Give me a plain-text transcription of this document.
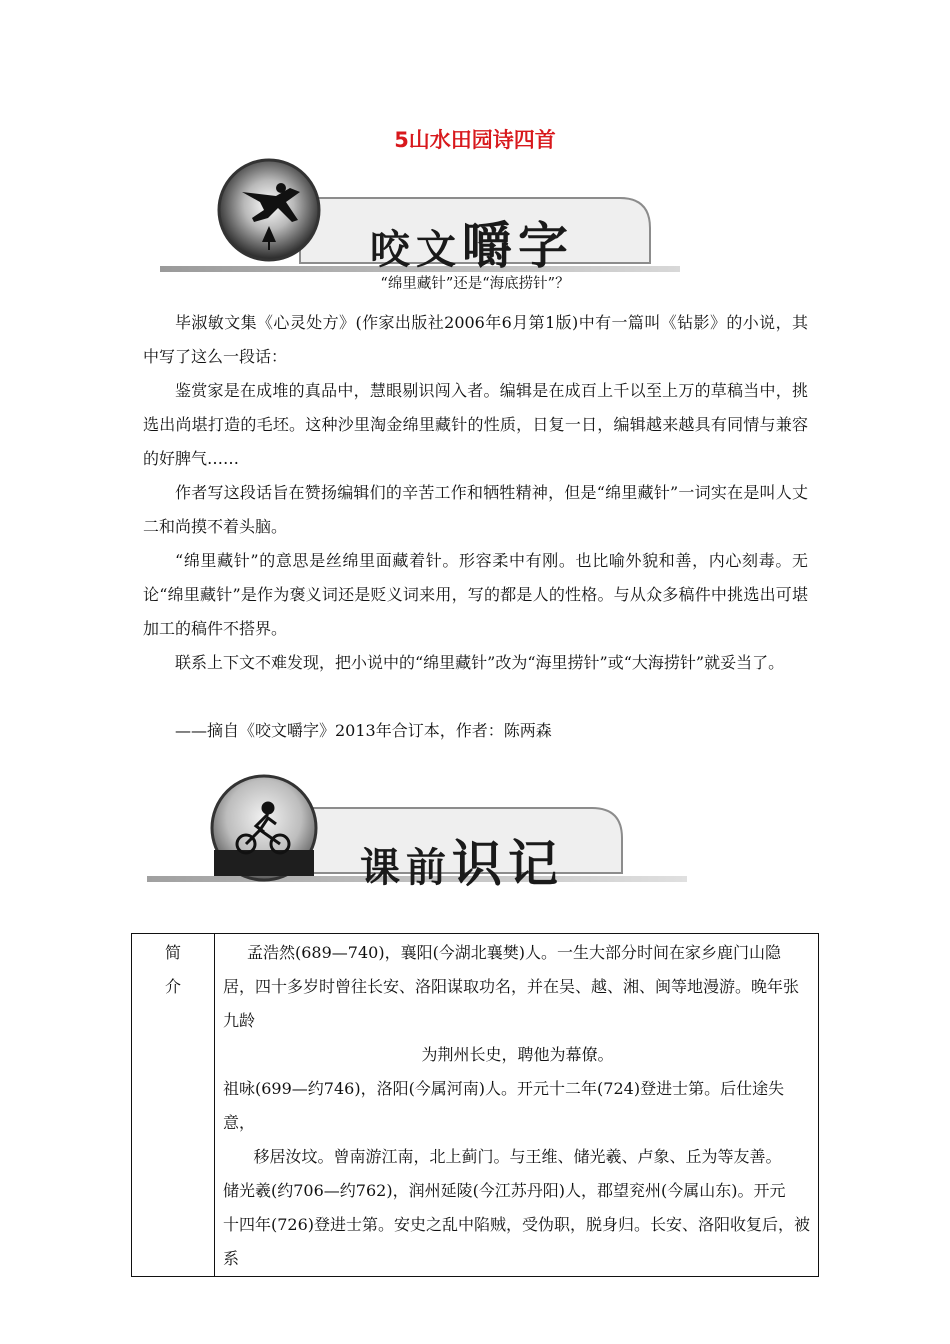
5山水田园诗四首
咬文嚼字
“绵里藏针”还是“海底捞针”？

毕淑敏文集《心灵处方》(作家出版社2006年6月第1版)中有一篇叫《钻影》的小说，其中写了这么一段话：

鉴赏家是在成堆的真品中，慧眼剔识闯入者。编辑是在成百上千以至上万的草稿当中，挑选出尚堪打造的毛坯。这种沙里淘金绵里藏针的性质，日复一日，编辑越来越具有同情与兼容的好脾气……

作者写这段话旨在赞扬编辑们的辛苦工作和牺牲精神，但是“绵里藏针”一词实在是叫人丈二和尚摸不着头脑。

“绵里藏针”的意思是丝绵里面藏着针。形容柔中有刚。也比喻外貌和善，内心刻毒。无论“绵里藏针”是作为褒义词还是贬义词来用，写的都是人的性格。与从众多稿件中挑选出可堪加工的稿件不搭界。

联系上下文不难发现，把小说中的“绵里藏针”改为“海里捞针”或“大海捞针”就妥当了。

——摘自《咬文嚼字》2013年合订本，作者：陈两森

课前识记
简
介

孟浩然(689—740)，襄阳(今湖北襄樊)人。一生大部分时间在家乡鹿门山隐

居，四十多岁时曾往长安、洛阳谋取功名，并在吴、越、湘、闽等地漫游。晚年张九龄

为荆州长史，聘他为幕僚。

祖咏(699—约746)，洛阳(今属河南)人。开元十二年(724)登进士第。后仕途失意，

移居汝坟。曾南游江南，北上蓟门。与王维、储光羲、卢象、丘为等友善。

储光羲(约706—约762)，润州延陵(今江苏丹阳)人，郡望兖州(今属山东)。开元

十四年(726)登进士第。安史之乱中陷贼，受伪职，脱身归。长安、洛阳收复后，被系
